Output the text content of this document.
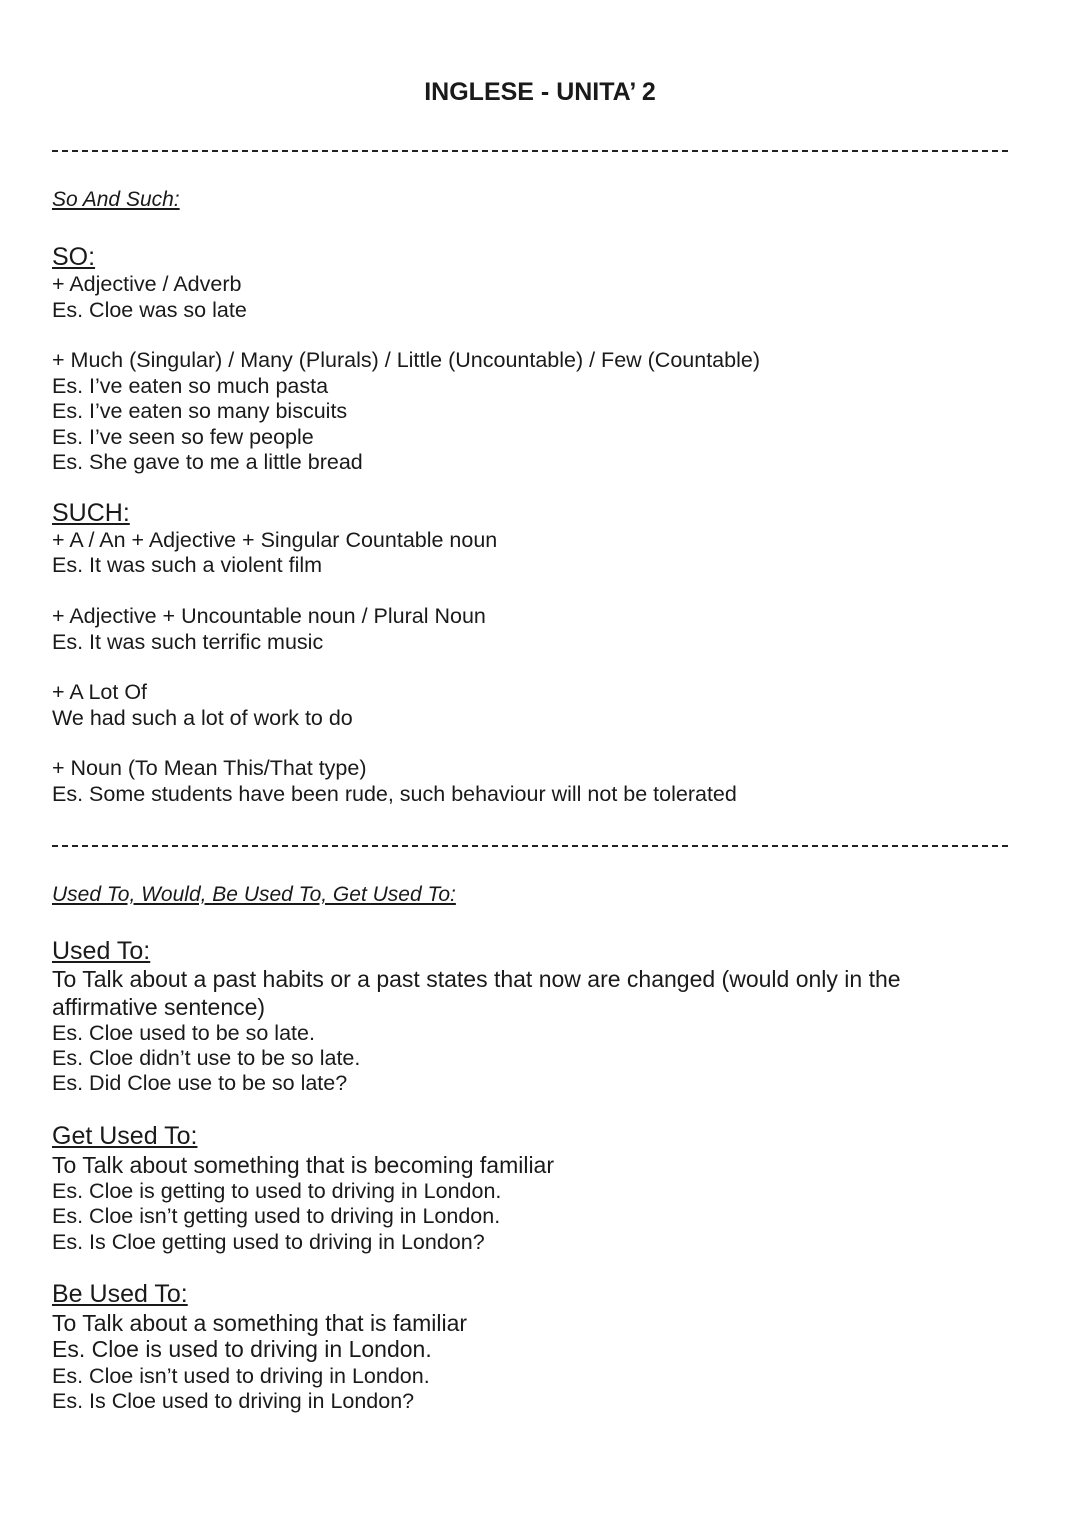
INGLESE - UNITA’ 2
So And Such:
SO:
+ Adjective / Adverb
Es. Cloe was so late
+ Much (Singular) / Many (Plurals) / Little (Uncountable) / Few (Countable)
Es. I’ve eaten so much pasta
Es. I’ve eaten so many biscuits
Es. I’ve seen so few people
Es. She gave to me a little bread
SUCH:
+ A / An + Adjective + Singular Countable noun
Es. It was such a violent film
+ Adjective + Uncountable noun / Plural Noun
Es. It was such terrific music
+ A Lot Of
We had such a lot of work to do
+ Noun (To Mean This/That type)
Es. Some students have been rude, such behaviour will not be tolerated
Used To, Would, Be Used To, Get Used To:
Used To:
To Talk about a past habits or a past states that now are changed (would only in the affirmative sentence)
Es. Cloe used to be so late.
Es. Cloe didn’t use to be so late.
Es. Did Cloe use to be so late?
Get Used To:
To Talk about something that is becoming familiar
Es. Cloe is getting to used to driving in London.
Es. Cloe isn’t getting used to driving in London.
Es. Is Cloe getting used to driving in London?
Be Used To:
To Talk about a something that is familiar
Es. Cloe is used to driving in London.
Es. Cloe isn’t used to driving in London.
Es. Is Cloe used to driving in London?
